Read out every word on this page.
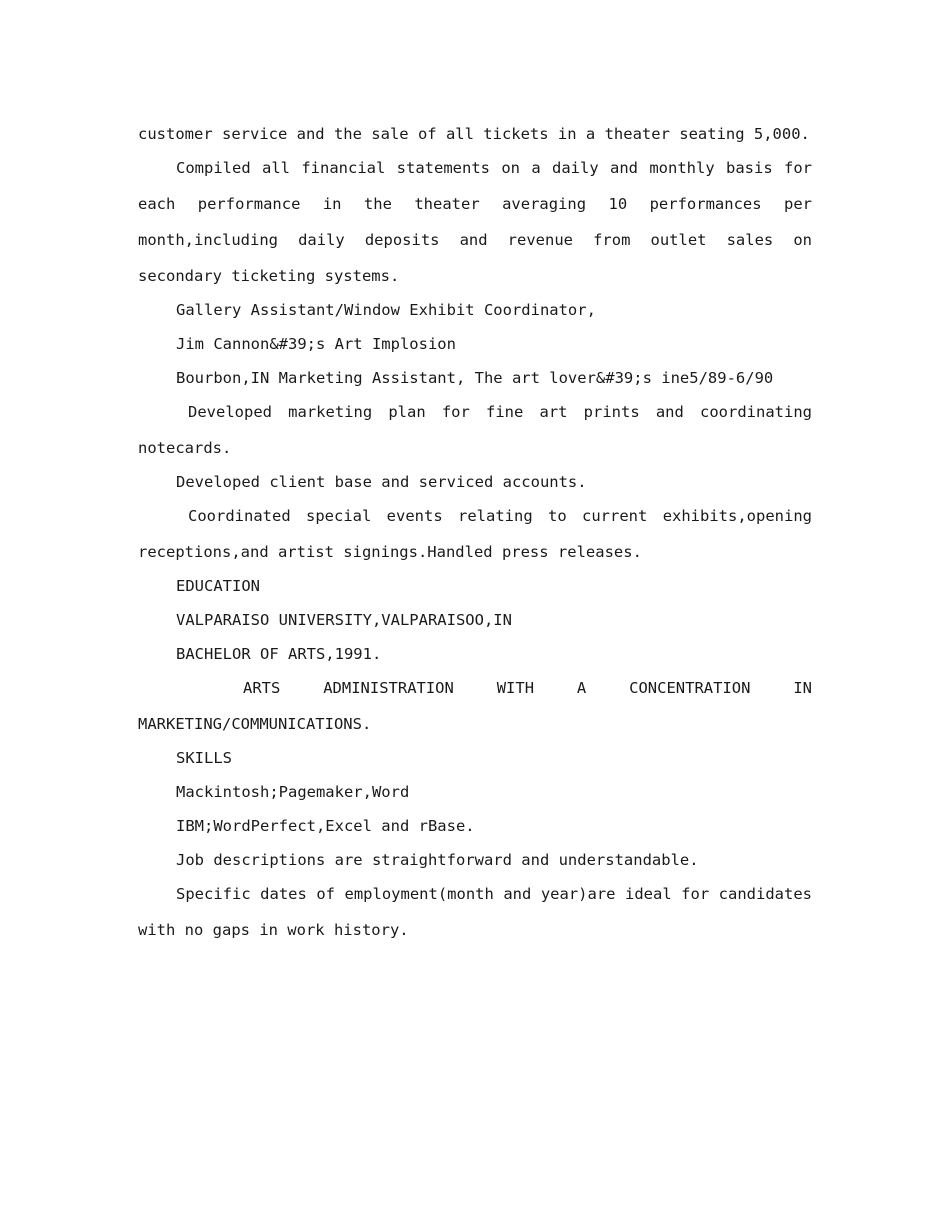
customer service and the sale of all tickets in a theater seating 5,000.

Compiled all financial statements on a daily and monthly basis for each performance in the theater averaging 10 performances per month,including daily deposits and revenue from outlet sales on secondary ticketing systems.

Gallery Assistant/Window Exhibit Coordinator,

Jim Cannon&#39;s Art Implosion

Bourbon,IN Marketing Assistant, The art lover&#39;s ine5/89-6/90

Developed marketing plan for fine art prints and coordinating notecards.

Developed client base and serviced accounts.

Coordinated special events relating to current exhibits,opening receptions,and artist signings.Handled press releases.

EDUCATION

VALPARAISO UNIVERSITY,VALPARAISOO,IN

BACHELOR OF ARTS,1991.

ARTS ADMINISTRATION WITH A CONCENTRATION IN MARKETING/COMMUNICATIONS.

SKILLS

Mackintosh;Pagemaker,Word

IBM;WordPerfect,Excel and rBase.

Job descriptions are straightforward and understandable.

Specific dates of employment(month and year)are ideal for candidates with no gaps in work history.
